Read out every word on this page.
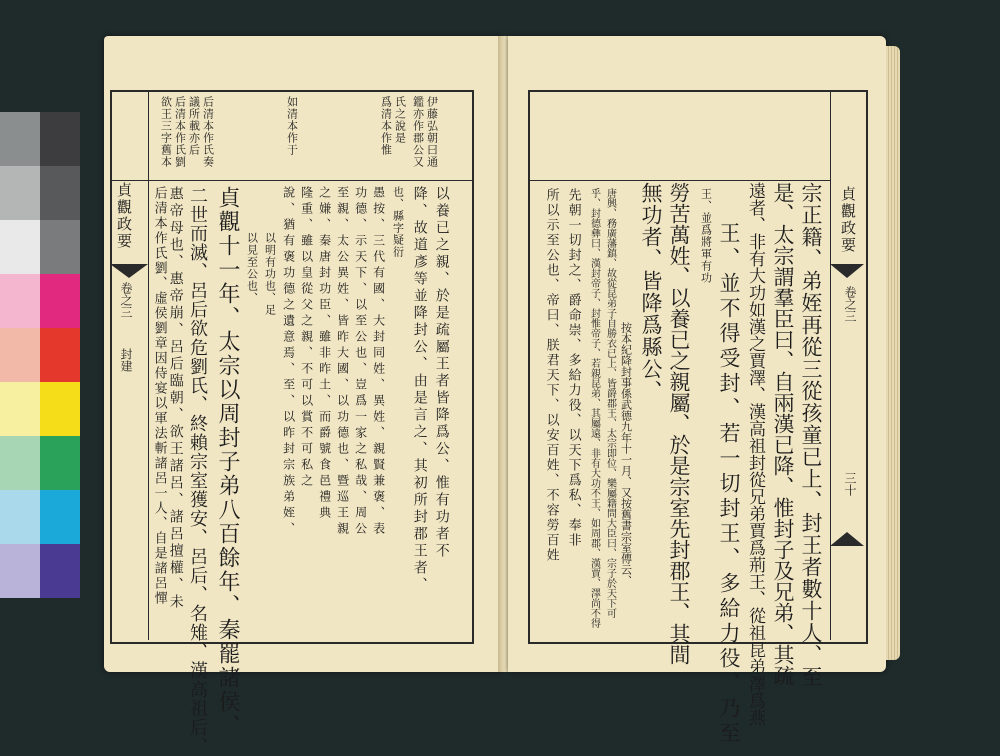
伊藤弘朝曰通
鑑亦作郡公又
氏之說是
爲清本作惟
如清本作于
后清本作氏奏
議所載亦后
后清本作氏劉
欲王三字舊本
貞觀政要
卷之三
封建	以養已之親、於是疏屬王者皆降爲公、惟有功者不
降、故道彥等並降封公、由是言之、其初所封郡王者、
也、縣字疑衍
愚按、三代有國、大封同姓、異姓、親賢兼褒、表
功德、示天下、以至公也、豈爲一家之私哉、周公
至親、太公異姓、皆昨大國、以功德也、暨巡王親
之嫌、秦唐封功臣、雖非昨土、而爵號食邑禮典
隆重、雖以皇從父之親、不可以賞不可私之
說、猶有褒功德之遺意焉、至、以昨封宗族弟姪、
以明有功也、足
以見至公也、
貞觀十一年、太宗以周封子弟八百餘年、秦罷諸侯、
二世而滅、呂后欲危劉氏、終賴宗室獲安、呂后、名雉、漢高祖后、
惠帝母也、惠帝崩、呂后臨朝、欲王諸呂、諸呂擅權、未
后清本作氏劉、虛侯劉章因侍宴以軍法斬諸呂一人、自是諸呂憚	貞觀政要
卷之三
三十
宗正籍、弟姪再從三從孩童已上、封王者數十人、至
是、太宗謂羣臣曰、自兩漢已降、惟封子及兄弟、其疏
遠者、非有大功如漢之賈澤、漢高祖封從兄弟賈爲荊王、從祖昆弟澤爲燕
王、並不得受封、若一切封王、多給力役、乃至
王、並爲將軍有功
勞苦萬姓、以養已之親屬、於是宗室先封郡王、其間
無功者、皆降爲縣公、
按本紀降封事係武德九年十一月、又按舊書宗室傳云、
唐興、務廣藩鎮、故從昆弟子自勝衣已上、皆爵郡王、太宗即位、樂屬籍問大臣曰、宗子於天下可
乎、封德彝曰、漢封帝子、封惟帝子、若親昆弟、其屬遠、非有大功不王、如周郡、漢賈、澤尚不得
先朝一切封之、爵命崇、多給力役、以天下爲私、奉非
所以示至公也、帝曰、朕君天下、以安百姓、不容勞百姓
